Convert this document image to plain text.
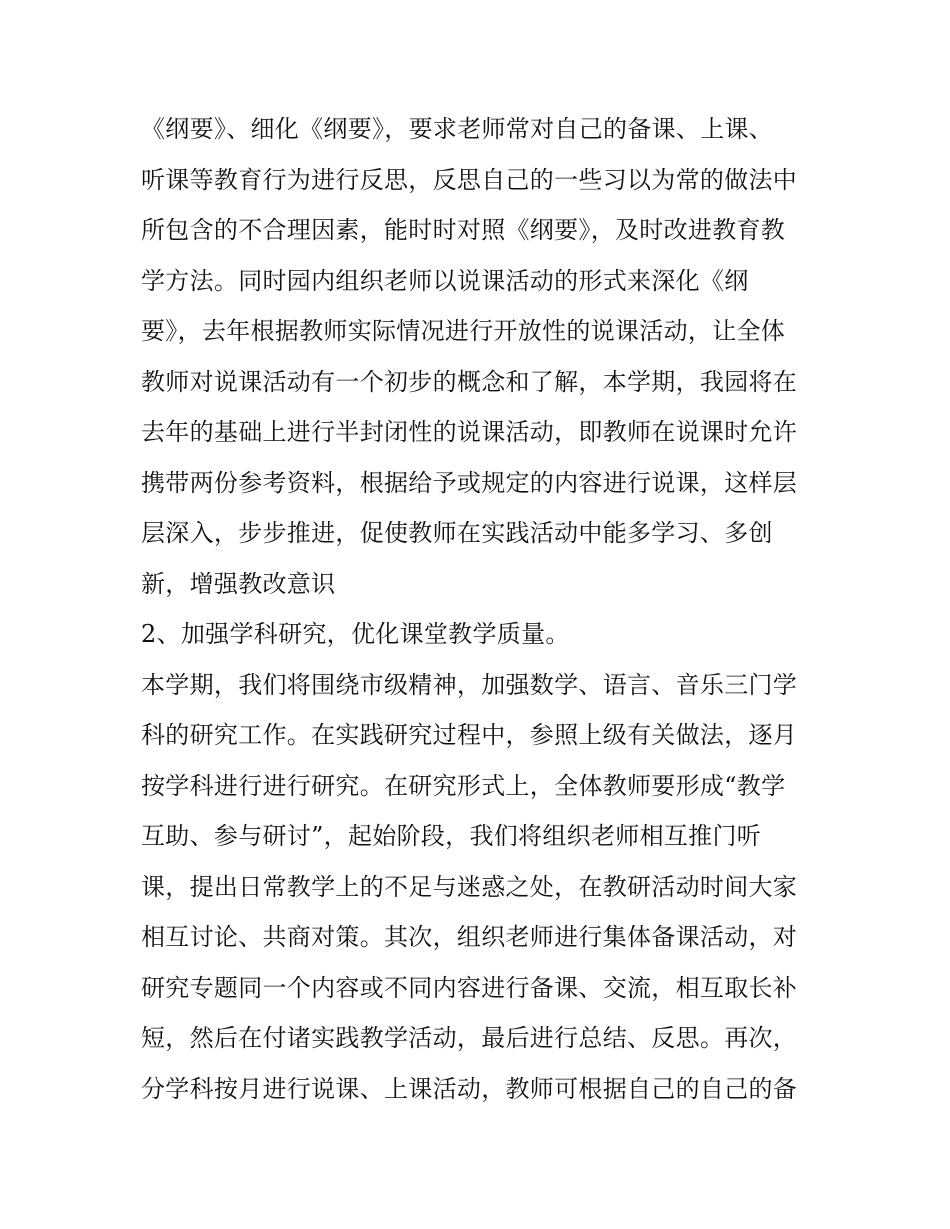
《纲要》、细化《纲要》，要求老师常对自己的备课、上课、
听课等教育行为进行反思，反思自己的一些习以为常的做法中
所包含的不合理因素，能时时对照《纲要》，及时改进教育教
学方法。同时园内组织老师以说课活动的形式来深化《纲
要》，去年根据教师实际情况进行开放性的说课活动，让全体
教师对说课活动有一个初步的概念和了解，本学期，我园将在
去年的基础上进行半封闭性的说课活动，即教师在说课时允许
携带两份参考资料，根据给予或规定的内容进行说课，这样层
层深入，步步推进，促使教师在实践活动中能多学习、多创
新，增强教改意识
2、加强学科研究，优化课堂教学质量。
本学期，我们将围绕市级精神，加强数学、语言、音乐三门学
科的研究工作。在实践研究过程中，参照上级有关做法，逐月
按学科进行进行研究。在研究形式上，全体教师要形成“教学
互助、参与研讨”，起始阶段，我们将组织老师相互推门听
课，提出日常教学上的不足与迷惑之处，在教研活动时间大家
相互讨论、共商对策。其次，组织老师进行集体备课活动，对
研究专题同一个内容或不同内容进行备课、交流，相互取长补
短，然后在付诸实践教学活动，最后进行总结、反思。再次，
分学科按月进行说课、上课活动，教师可根据自己的自己的备
